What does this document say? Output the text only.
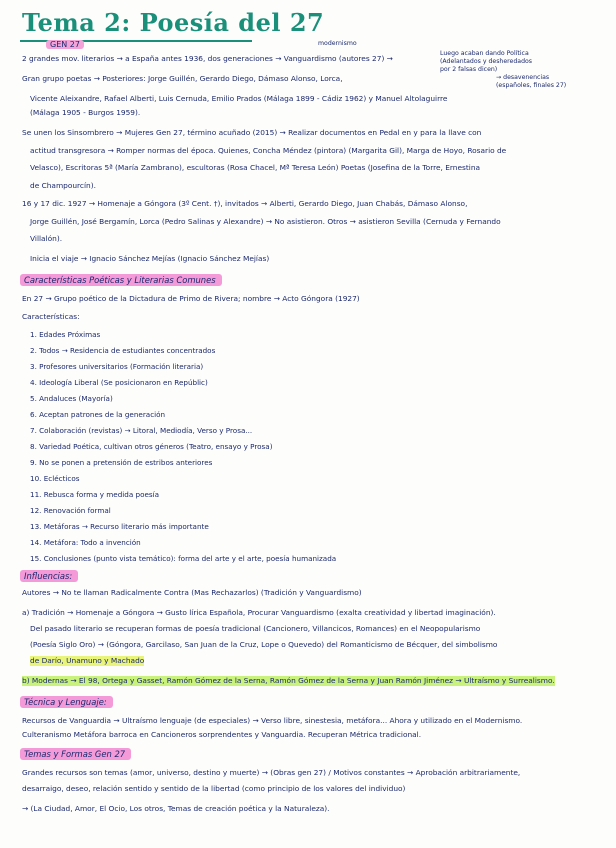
Tema 2: Poesía del 27
GEN 27	modernismo
Luego acaban dando Política
(Adelantados y desheredados
por 2 falsas dicen)
→ desavenencias
(españoles, finales 27)
2 grandes mov. literarios → a España antes 1936, dos generaciones → Vanguardismo (autores 27) →
Gran grupo poetas → Posteriores: Jorge Guillén, Gerardo Diego, Dámaso Alonso, Lorca,
Vicente Aleixandre, Rafael Alberti, Luis Cernuda, Emilio Prados (Málaga 1899 - Cádiz 1962) y Manuel Altolaguirre
(Málaga 1905 - Burgos 1959).
Se unen los Sinsombrero → Mujeres Gen 27, término acuñado (2015) → Realizar documentos en Pedal en y para la llave con
actitud transgresora → Romper normas del época. Quienes, Concha Méndez (pintora) (Margarita Gil), Marga de Hoyo, Rosario de
Velasco), Escritoras 5ª (María Zambrano), escultoras (Rosa Chacel, Mª Teresa León) Poetas (Josefina de la Torre, Ernestina
de Champourcín).
16 y 17 dic. 1927 → Homenaje a Góngora (3º Cent. †), invitados → Alberti, Gerardo Diego, Juan Chabás, Dámaso Alonso,
Jorge Guillén, José Bergamín, Lorca (Pedro Salinas y Alexandre) → No asistieron. Otros → asistieron Sevilla (Cernuda y Fernando
Villalón).
Inicia el viaje → Ignacio Sánchez Mejías (Ignacio Sánchez Mejías)
Características Poéticas y Literarias Comunes
En 27 → Grupo poético de la Dictadura de Primo de Rivera; nombre → Acto Góngora (1927)
Características:
1. Edades Próximas
2. Todos → Residencia de estudiantes concentrados
3. Profesores universitarios (Formación literaria)
4. Ideología Liberal (Se posicionaron en Repúblic)
5. Andaluces (Mayoría)
6. Aceptan patrones de la generación
7. Colaboración (revistas) → Litoral, Mediodía, Verso y Prosa...
8. Variedad Poética, cultivan otros géneros (Teatro, ensayo y Prosa)
9. No se ponen a pretensión de estribos anteriores
10. Eclécticos
11. Rebusca forma y medida poesía
12. Renovación formal
13. Metáforas → Recurso literario más importante
14. Metáfora: Todo a invención
15. Conclusiones (punto vista temático): forma del arte y el arte, poesía humanizada
Influencias:
Autores → No te llaman Radicalmente Contra (Mas Rechazarlos) (Tradición y Vanguardismo)
a) Tradición → Homenaje a Góngora → Gusto lírica Española, Procurar Vanguardismo (exalta creatividad y libertad imaginación).
Del pasado literario se recuperan formas de poesía tradicional (Cancionero, Villancicos, Romances) en el Neopopularismo
(Poesía Siglo Oro) → (Góngora, Garcilaso, San Juan de la Cruz, Lope o Quevedo) del Romanticismo de Bécquer, del simbolismo
de Darío, Unamuno y Machado
b) Modernas → El 98, Ortega y Gasset, Ramón Gómez de la Serna, Ramón Gómez de la Serna y Juan Ramón Jiménez → Ultraísmo y Surrealismo.
Técnica y Lenguaje:
Recursos de Vanguardia → Ultraísmo lenguaje (de especiales) → Verso libre, sinestesia, metáfora... Ahora y utilizado en el Modernismo.
Culteranismo Metáfora barroca en Cancioneros sorprendentes y Vanguardia. Recuperan Métrica tradicional.
Temas y Formas Gen 27
Grandes recursos son temas (amor, universo, destino y muerte) → (Obras gen 27) / Motivos constantes → Aprobación arbitrariamente,
desarraigo, deseo, relación sentido y sentido de la libertad (como principio de los valores del individuo)
→ (La Ciudad, Amor, El Ocio, Los otros, Temas de creación poética y la Naturaleza).
